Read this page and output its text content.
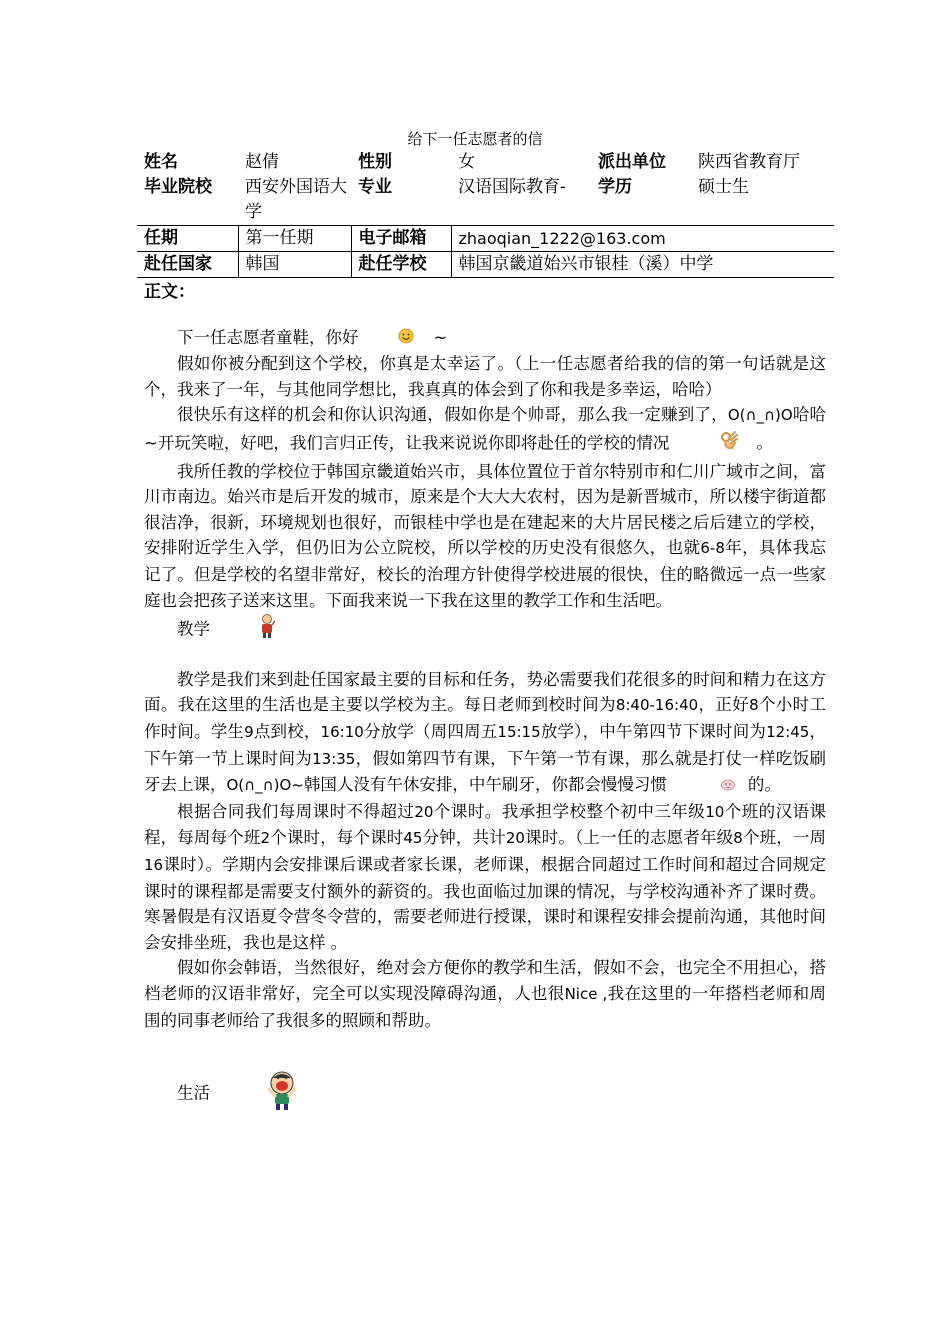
给下一任志愿者的信
姓名	赵倩	性别	女	派出单位	陕西省教育厅
毕业院校	西安外国语大学	专业	汉语国际教育-	学历	硕士生
任期	第一任期	电子邮箱	zhaoqian_1222@163.com		
赴任国家	韩国	赴任学校	韩国京畿道始兴市银桂（溪）中学		
正文：

下一任志愿者童鞋，你好	~

假如你被分配到这个学校，你真是太幸运了。（上一任志愿者给我的信的第一句话就是这个，我来了一年，与其他同学想比，我真真的体会到了你和我是多幸运，哈哈）

很快乐有这样的机会和你认识沟通，假如你是个帅哥，那么我一定赚到了，O(∩_∩)O哈哈~开玩笑啦，好吧，我们言归正传，让我来说说你即将赴任的学校的情况	。

我所任教的学校位于韩国京畿道始兴市，具体位置位于首尔特别市和仁川广域市之间，富川市南边。始兴市是后开发的城市，原来是个大大大农村，因为是新晋城市，所以楼宇街道都很洁净，很新，环境规划也很好，而银桂中学也是在建起来的大片居民楼之后后建立的学校，安排附近学生入学，但仍旧为公立院校，所以学校的历史没有很悠久，也就6-8年，具体我忘记了。但是学校的名望非常好，校长的治理方针使得学校进展的很快，住的略微远一点一些家庭也会把孩子送来这里。下面我来说一下我在这里的教学工作和生活吧。

教学

教学是我们来到赴任国家最主要的目标和任务，势必需要我们花很多的时间和精力在这方面。我在这里的生活也是主要以学校为主。每日老师到校时间为8:40-16:40，正好8个小时工作时间。学生9点到校，16:10分放学（周四周五15:15放学），中午第四节下课时间为12:45，下午第一节上课时间为13:35，假如第四节有课，下午第一节有课，那么就是打仗一样吃饭刷牙去上课，O(∩_∩)O~韩国人没有午休安排，中午刷牙，你都会慢慢习惯	的。

根据合同我们每周课时不得超过20个课时。我承担学校整个初中三年级10个班的汉语课程，每周每个班2个课时，每个课时45分钟，共计20课时。（上一任的志愿者年级8个班，一周16课时）。学期内会安排课后课或者家长课，老师课，根据合同超过工作时间和超过合同规定课时的课程都是需要支付额外的薪资的。我也面临过加课的情况，与学校沟通补齐了课时费。寒暑假是有汉语夏令营冬令营的，需要老师进行授课，课时和课程安排会提前沟通，其他时间会安排坐班，我也是这样 。

假如你会韩语，当然很好，绝对会方便你的教学和生活，假如不会，也完全不用担心，搭档老师的汉语非常好，完全可以实现没障碍沟通，人也很Nice ,我在这里的一年搭档老师和周围的同事老师给了我很多的照顾和帮助。

生活
